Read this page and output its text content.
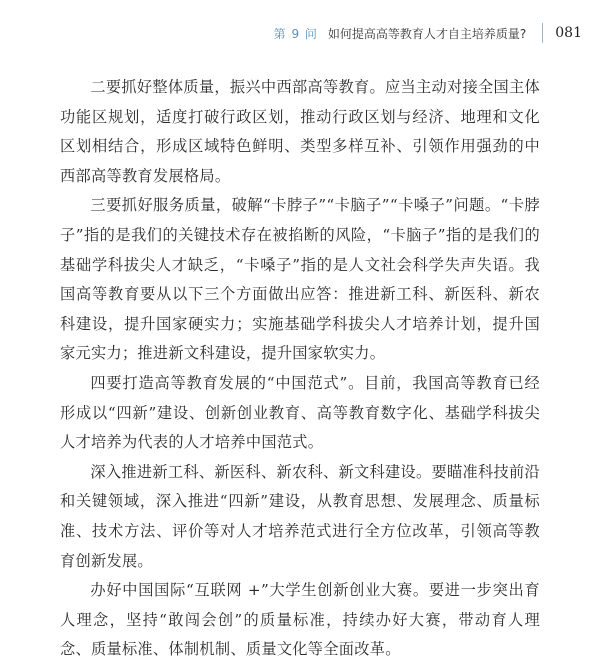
第 9 问 如何提高高等教育人才自主培养质量? 081

二要抓好整体质量，振兴中西部高等教育。应当主动对接全国主体功能区规划，适度打破行政区划，推动行政区划与经济、地理和文化区划相结合，形成区域特色鲜明、类型多样互补、引领作用强劲的中西部高等教育发展格局。

三要抓好服务质量，破解“卡脖子”“卡脑子”“卡嗓子”问题。“卡脖子”指的是我们的关键技术存在被掐断的风险，“卡脑子”指的是我们的基础学科拔尖人才缺乏，“卡嗓子”指的是人文社会科学失声失语。我国高等教育要从以下三个方面做出应答：推进新工科、新医科、新农科建设，提升国家硬实力；实施基础学科拔尖人才培养计划，提升国家元实力；推进新文科建设，提升国家软实力。

四要打造高等教育发展的“中国范式”。目前，我国高等教育已经形成以“四新”建设、创新创业教育、高等教育数字化、基础学科拔尖人才培养为代表的人才培养中国范式。

深入推进新工科、新医科、新农科、新文科建设。要瞄准科技前沿和关键领域，深入推进“四新”建设，从教育思想、发展理念、质量标准、技术方法、评价等对人才培养范式进行全方位改革，引领高等教育创新发展。

办好中国国际“互联网 +”大学生创新创业大赛。要进一步突出育人理念，坚持“敢闯会创”的质量标准，持续办好大赛，带动育人理念、质量标准、体制机制、质量文化等全面改革。
